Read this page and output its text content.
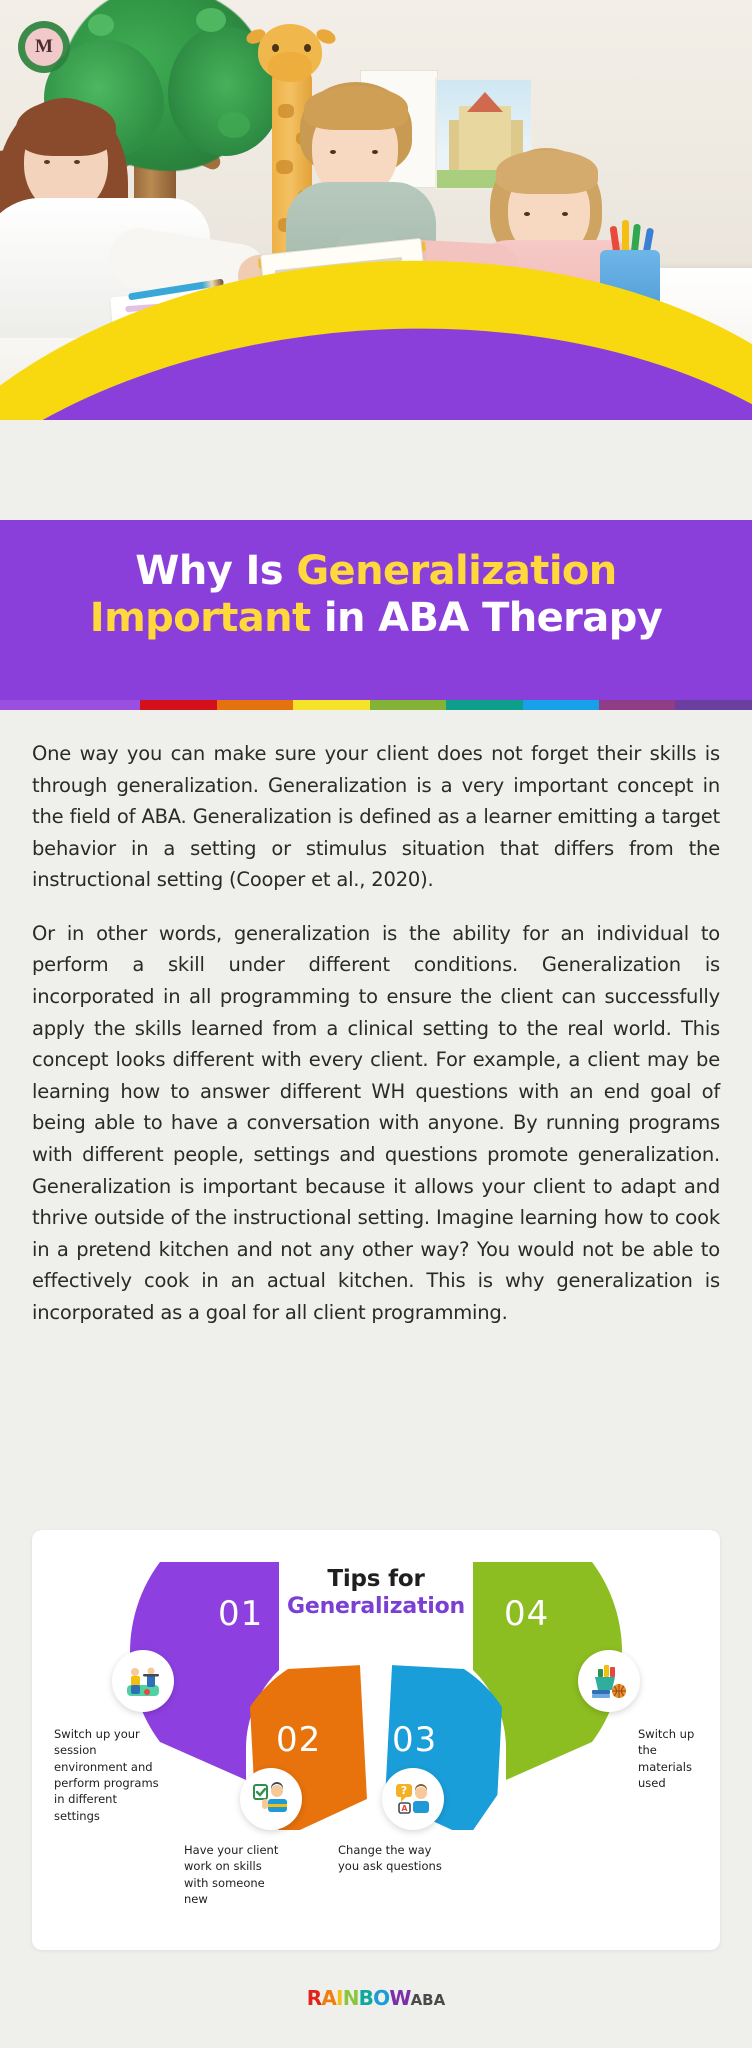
M
Why Is Generalization
Important in ABA Therapy

One way you can make sure your client does not forget their skills is through generalization. Generalization is a very important concept in the field of ABA. Generalization is defined as a learner emitting a target behavior in a setting or stimulus situation that differs from the instructional setting (Cooper et al., 2020).

Or in other words, generalization is the ability for an individual to perform a skill under different conditions. Generalization is incorporated in all programming to ensure the client can successfully apply the skills learned from a clinical setting to the real world. This concept looks different with every client. For example, a client may be learning how to answer different WH questions with an end goal of being able to have a conversation with anyone. By running programs with different people, settings and questions promote generalization. Generalization is important because it allows your client to adapt and thrive outside of the instructional setting. Imagine learning how to cook in a pretend kitchen and not any other way? You would not be able to effectively cook in an actual kitchen. This is why generalization is incorporated as a goal for all client programming.

Tips for
Generalization
01
02 03
04
?
A
Switch up your session environment and perform programs in different settings
Have your client work on skills with someone new
Change the way you ask questions
Switch up the materials used
RAINBOWABA
